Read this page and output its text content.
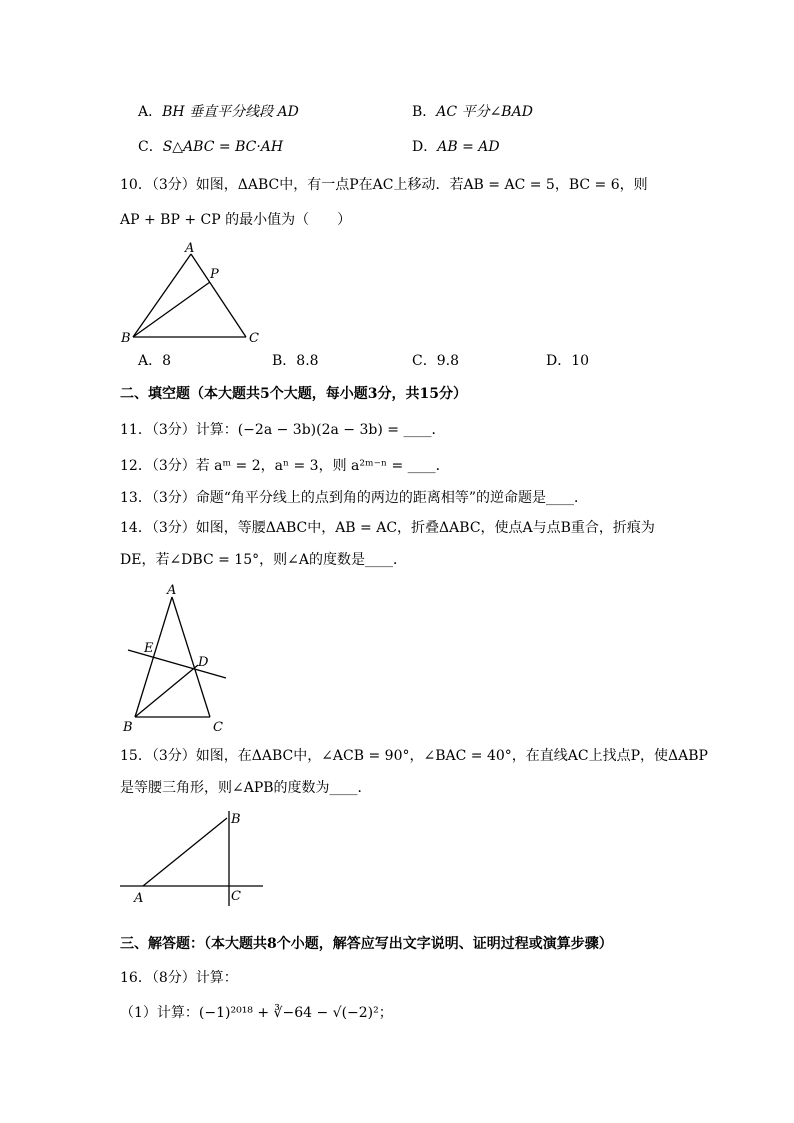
A．BH 垂直平分线段 AD	B．AC 平分∠BAD
C．S△ABC = BC·AH	D．AB = AD
10．（3分）如图，ΔABC中，有一点P在AC上移动．若AB = AC = 5，BC = 6，则
AP + BP + CP 的最小值为（　　）
A
P
B	C
A．8	B．8.8	C．9.8	D．10
二、填空题（本大题共5个大题，每小题3分，共15分）
11．（3分）计算：(−2a − 3b)(2a − 3b) = ____．
12．（3分）若 aᵐ = 2，aⁿ = 3，则 a²ᵐ⁻ⁿ = ____．
13．（3分）命题“角平分线上的点到角的两边的距离相等”的逆命题是____．
14．（3分）如图，等腰ΔABC中，AB = AC，折叠ΔABC，使点A与点B重合，折痕为
DE，若∠DBC = 15°，则∠A的度数是____．
A
E
D
B	C
15．（3分）如图，在ΔABC中，∠ACB = 90°，∠BAC = 40°，在直线AC上找点P，使ΔABP
是等腰三角形，则∠APB的度数为____．
B
A	C
三、解答题：（本大题共8个小题，解答应写出文字说明、证明过程或演算步骤）
16．（8分）计算：
（1）计算：(−1)²⁰¹⁸ + ∛−64 − √(−2)²；
